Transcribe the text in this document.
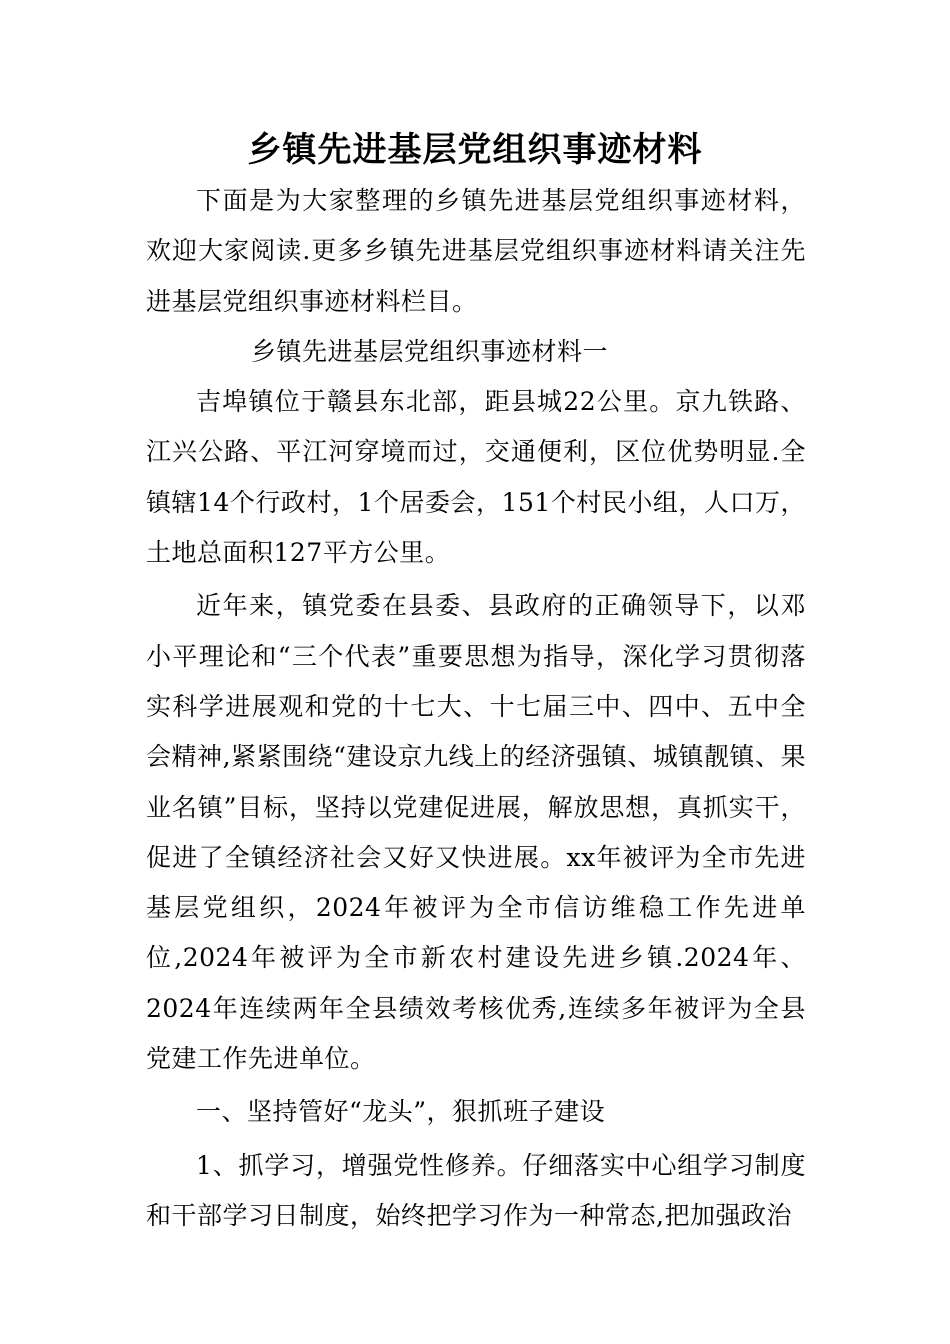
乡镇先进基层党组织事迹材料

下面是为大家整理的乡镇先进基层党组织事迹材料，欢迎大家阅读.更多乡镇先进基层党组织事迹材料请关注先进基层党组织事迹材料栏目。

乡镇先进基层党组织事迹材料一

吉埠镇位于赣县东北部，距县城22公里。京九铁路、江兴公路、平江河穿境而过，交通便利，区位优势明显.全镇辖14个行政村，1个居委会，151个村民小组，人口万，土地总面积127平方公里。

近年来，镇党委在县委、县政府的正确领导下，以邓小平理论和“三个代表”重要思想为指导，深化学习贯彻落实科学进展观和党的十七大、十七届三中、四中、五中全会精神,紧紧围绕“建设京九线上的经济强镇、城镇靓镇、果业名镇”目标，坚持以党建促进展，解放思想，真抓实干，促进了全镇经济社会又好又快进展。xx年被评为全市先进基层党组织，2024年被评为全市信访维稳工作先进单位,2024年被评为全市新农村建设先进乡镇.2024年、2024年连续两年全县绩效考核优秀,连续多年被评为全县党建工作先进单位。

一、坚持管好“龙头”，狠抓班子建设

1、抓学习，增强党性修养。仔细落实中心组学习制度和干部学习日制度，始终把学习作为一种常态,把加强政治
